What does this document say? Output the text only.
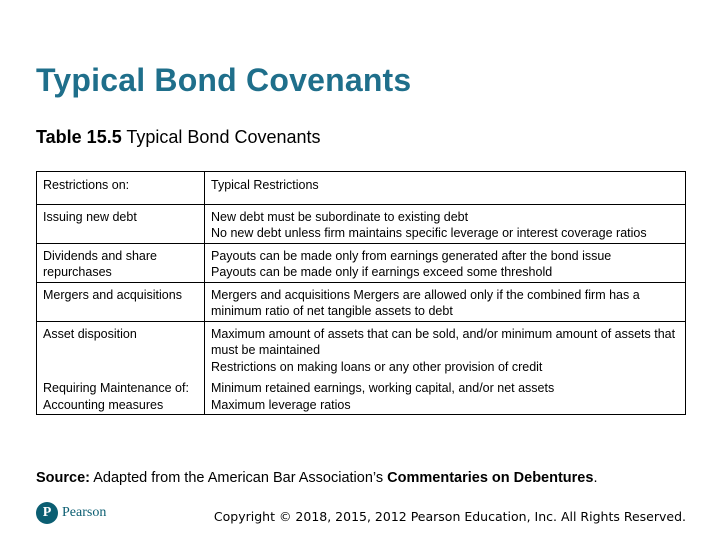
Typical Bond Covenants
Table 15.5 Typical Bond Covenants
Restrictions on:	Typical Restrictions

Issuing new debt	New debt must be subordinate to existing debt
No new debt unless firm maintains specific leverage or interest coverage ratios

Dividends and share repurchases	Payouts can be made only from earnings generated after the bond issue
Payouts can be made only if earnings exceed some threshold

Mergers and acquisitions	Mergers and acquisitions Mergers are allowed only if the combined firm has a minimum ratio of net tangible assets to debt

Asset disposition	Maximum amount of assets that can be sold, and/or minimum amount of assets that must be maintained
Restrictions on making loans or any other provision of credit

Requiring Maintenance of: Accounting measures	Minimum retained earnings, working capital, and/or net assets
Maximum leverage ratios
Source: Adapted from the American Bar Association’s Commentaries on Debentures.
P Pearson	Copyright © 2018, 2015, 2012 Pearson Education, Inc. All Rights Reserved.
